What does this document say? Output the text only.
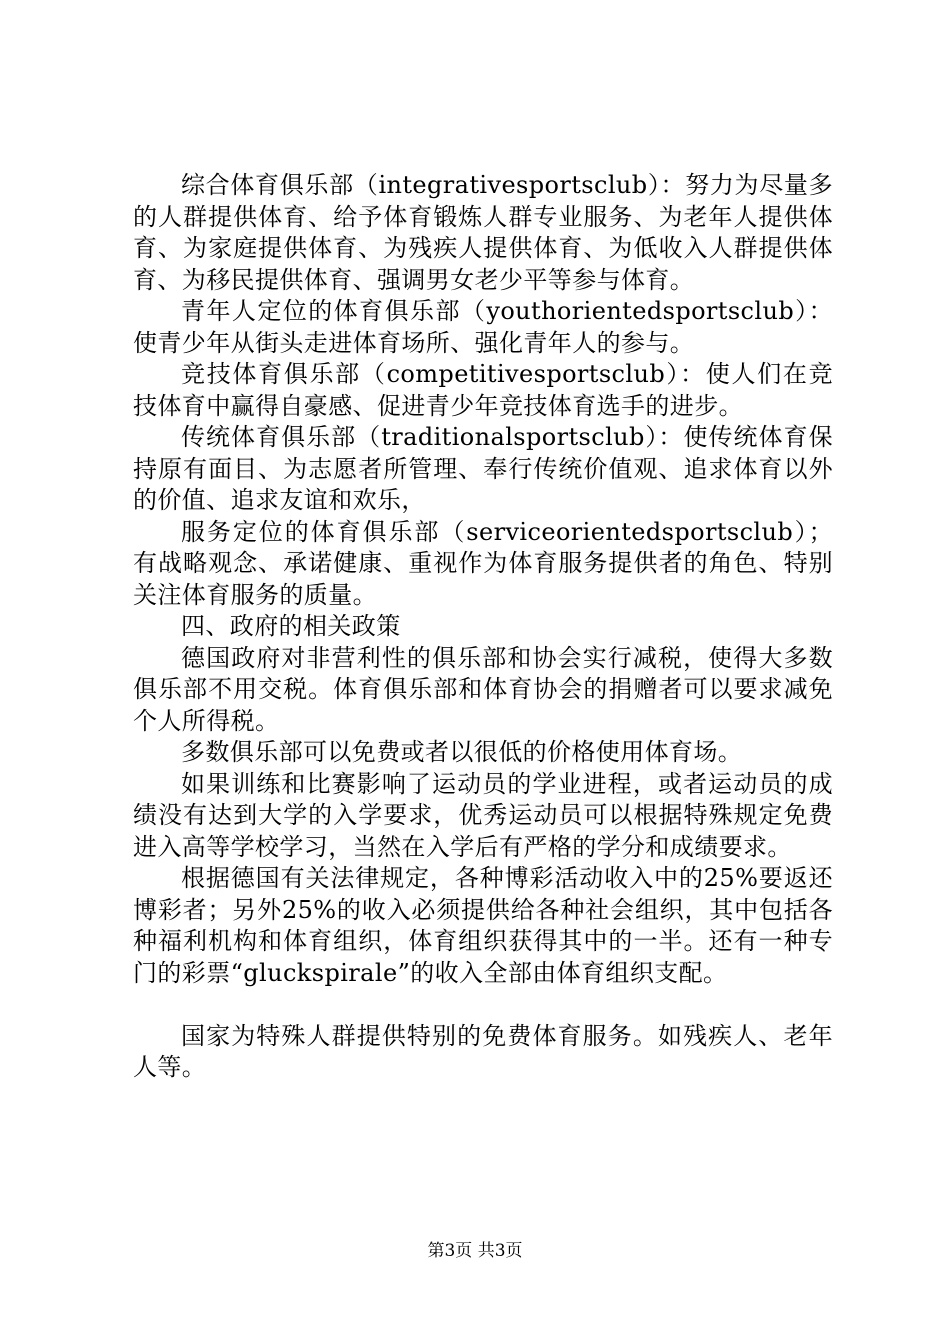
综合体育俱乐部（integrativesportsclub）：努力为尽量多的人群提供体育、给予体育锻炼人群专业服务、为老年人提供体育、为家庭提供体育、为残疾人提供体育、为低收入人群提供体育、为移民提供体育、强调男女老少平等参与体育。

青年人定位的体育俱乐部（youthorientedsportsclub）：使青少年从街头走进体育场所、强化青年人的参与。

竞技体育俱乐部（competitivesportsclub）：使人们在竞技体育中赢得自豪感、促进青少年竞技体育选手的进步。

传统体育俱乐部（traditionalsportsclub）：使传统体育保持原有面目、为志愿者所管理、奉行传统价值观、追求体育以外的价值、追求友谊和欢乐，

服务定位的体育俱乐部（serviceorientedsportsclub）；有战略观念、承诺健康、重视作为体育服务提供者的角色、特别关注体育服务的质量。

四、政府的相关政策

德国政府对非营利性的俱乐部和协会实行减税，使得大多数俱乐部不用交税。体育俱乐部和体育协会的捐赠者可以要求减免个人所得税。

多数俱乐部可以免费或者以很低的价格使用体育场。

如果训练和比赛影响了运动员的学业进程，或者运动员的成绩没有达到大学的入学要求，优秀运动员可以根据特殊规定免费进入高等学校学习，当然在入学后有严格的学分和成绩要求。

根据德国有关法律规定，各种博彩活动收入中的25%要返还博彩者；另外25%的收入必须提供给各种社会组织，其中包括各种福利机构和体育组织，体育组织获得其中的一半。还有一种专门的彩票“gluckspirale”的收入全部由体育组织支配。

国家为特殊人群提供特别的免费体育服务。如残疾人、老年人等。

第3页 共3页
